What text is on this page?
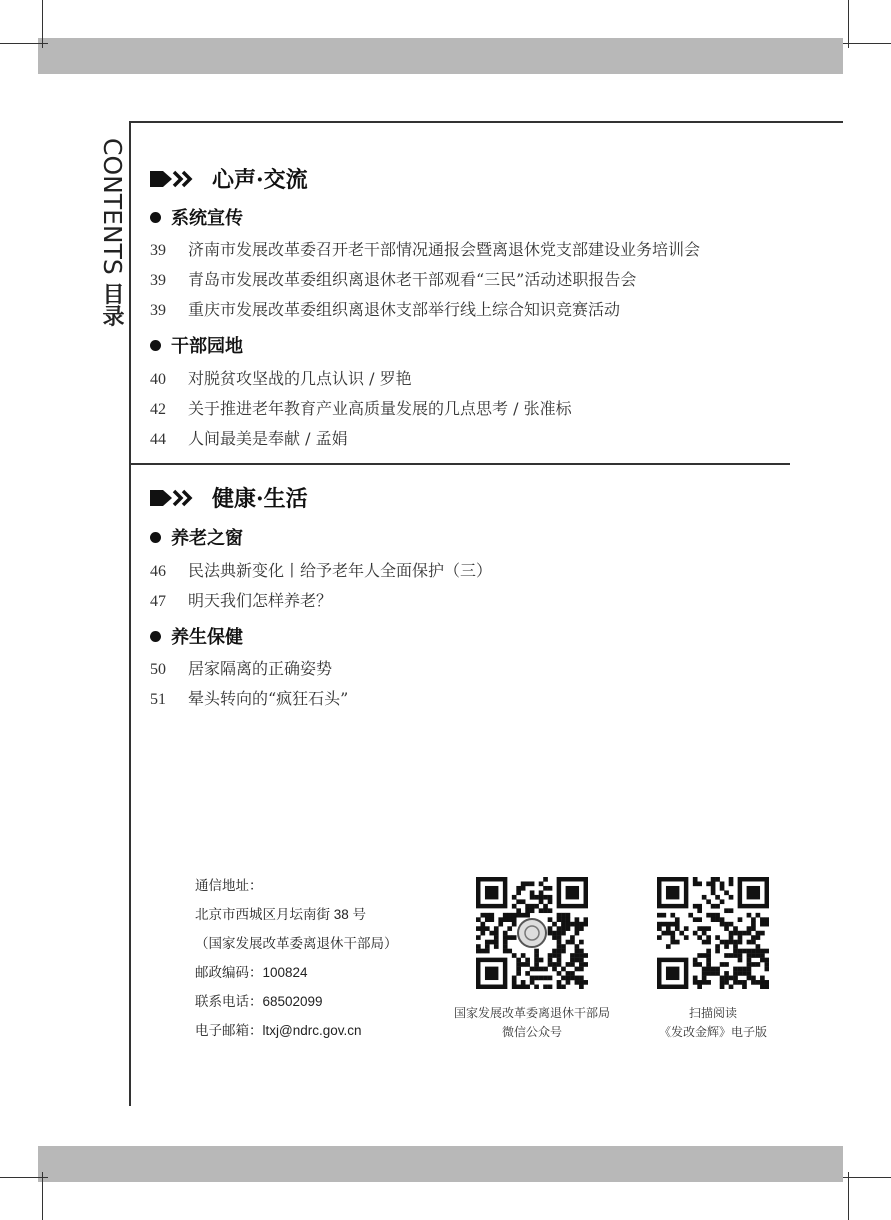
CONTENTS 目录
心声·交流
系统宣传
39 济南市发展改革委召开老干部情况通报会暨离退休党支部建设业务培训会
39 青岛市发展改革委组织离退休老干部观看“三民”活动述职报告会
39 重庆市发展改革委组织离退休支部举行线上综合知识竞赛活动
干部园地
40 对脱贫攻坚战的几点认识 / 罗艳
42 关于推进老年教育产业高质量发展的几点思考 / 张准标
44 人间最美是奉献 / 孟娟
健康·生活
养老之窗
46 民法典新变化丨给予老年人全面保护（三）
47 明天我们怎样养老？
养生保健
50 居家隔离的正确姿势
51 晕头转向的“疯狂石头”
通信地址：
北京市西城区月坛南街 38 号
（国家发展改革委离退休干部局）
邮政编码：100824
联系电话：68502099
电子邮箱：ltxj@ndrc.gov.cn
国家发展改革委离退休干部局
微信公众号
扫描阅读
《发改金辉》电子版
